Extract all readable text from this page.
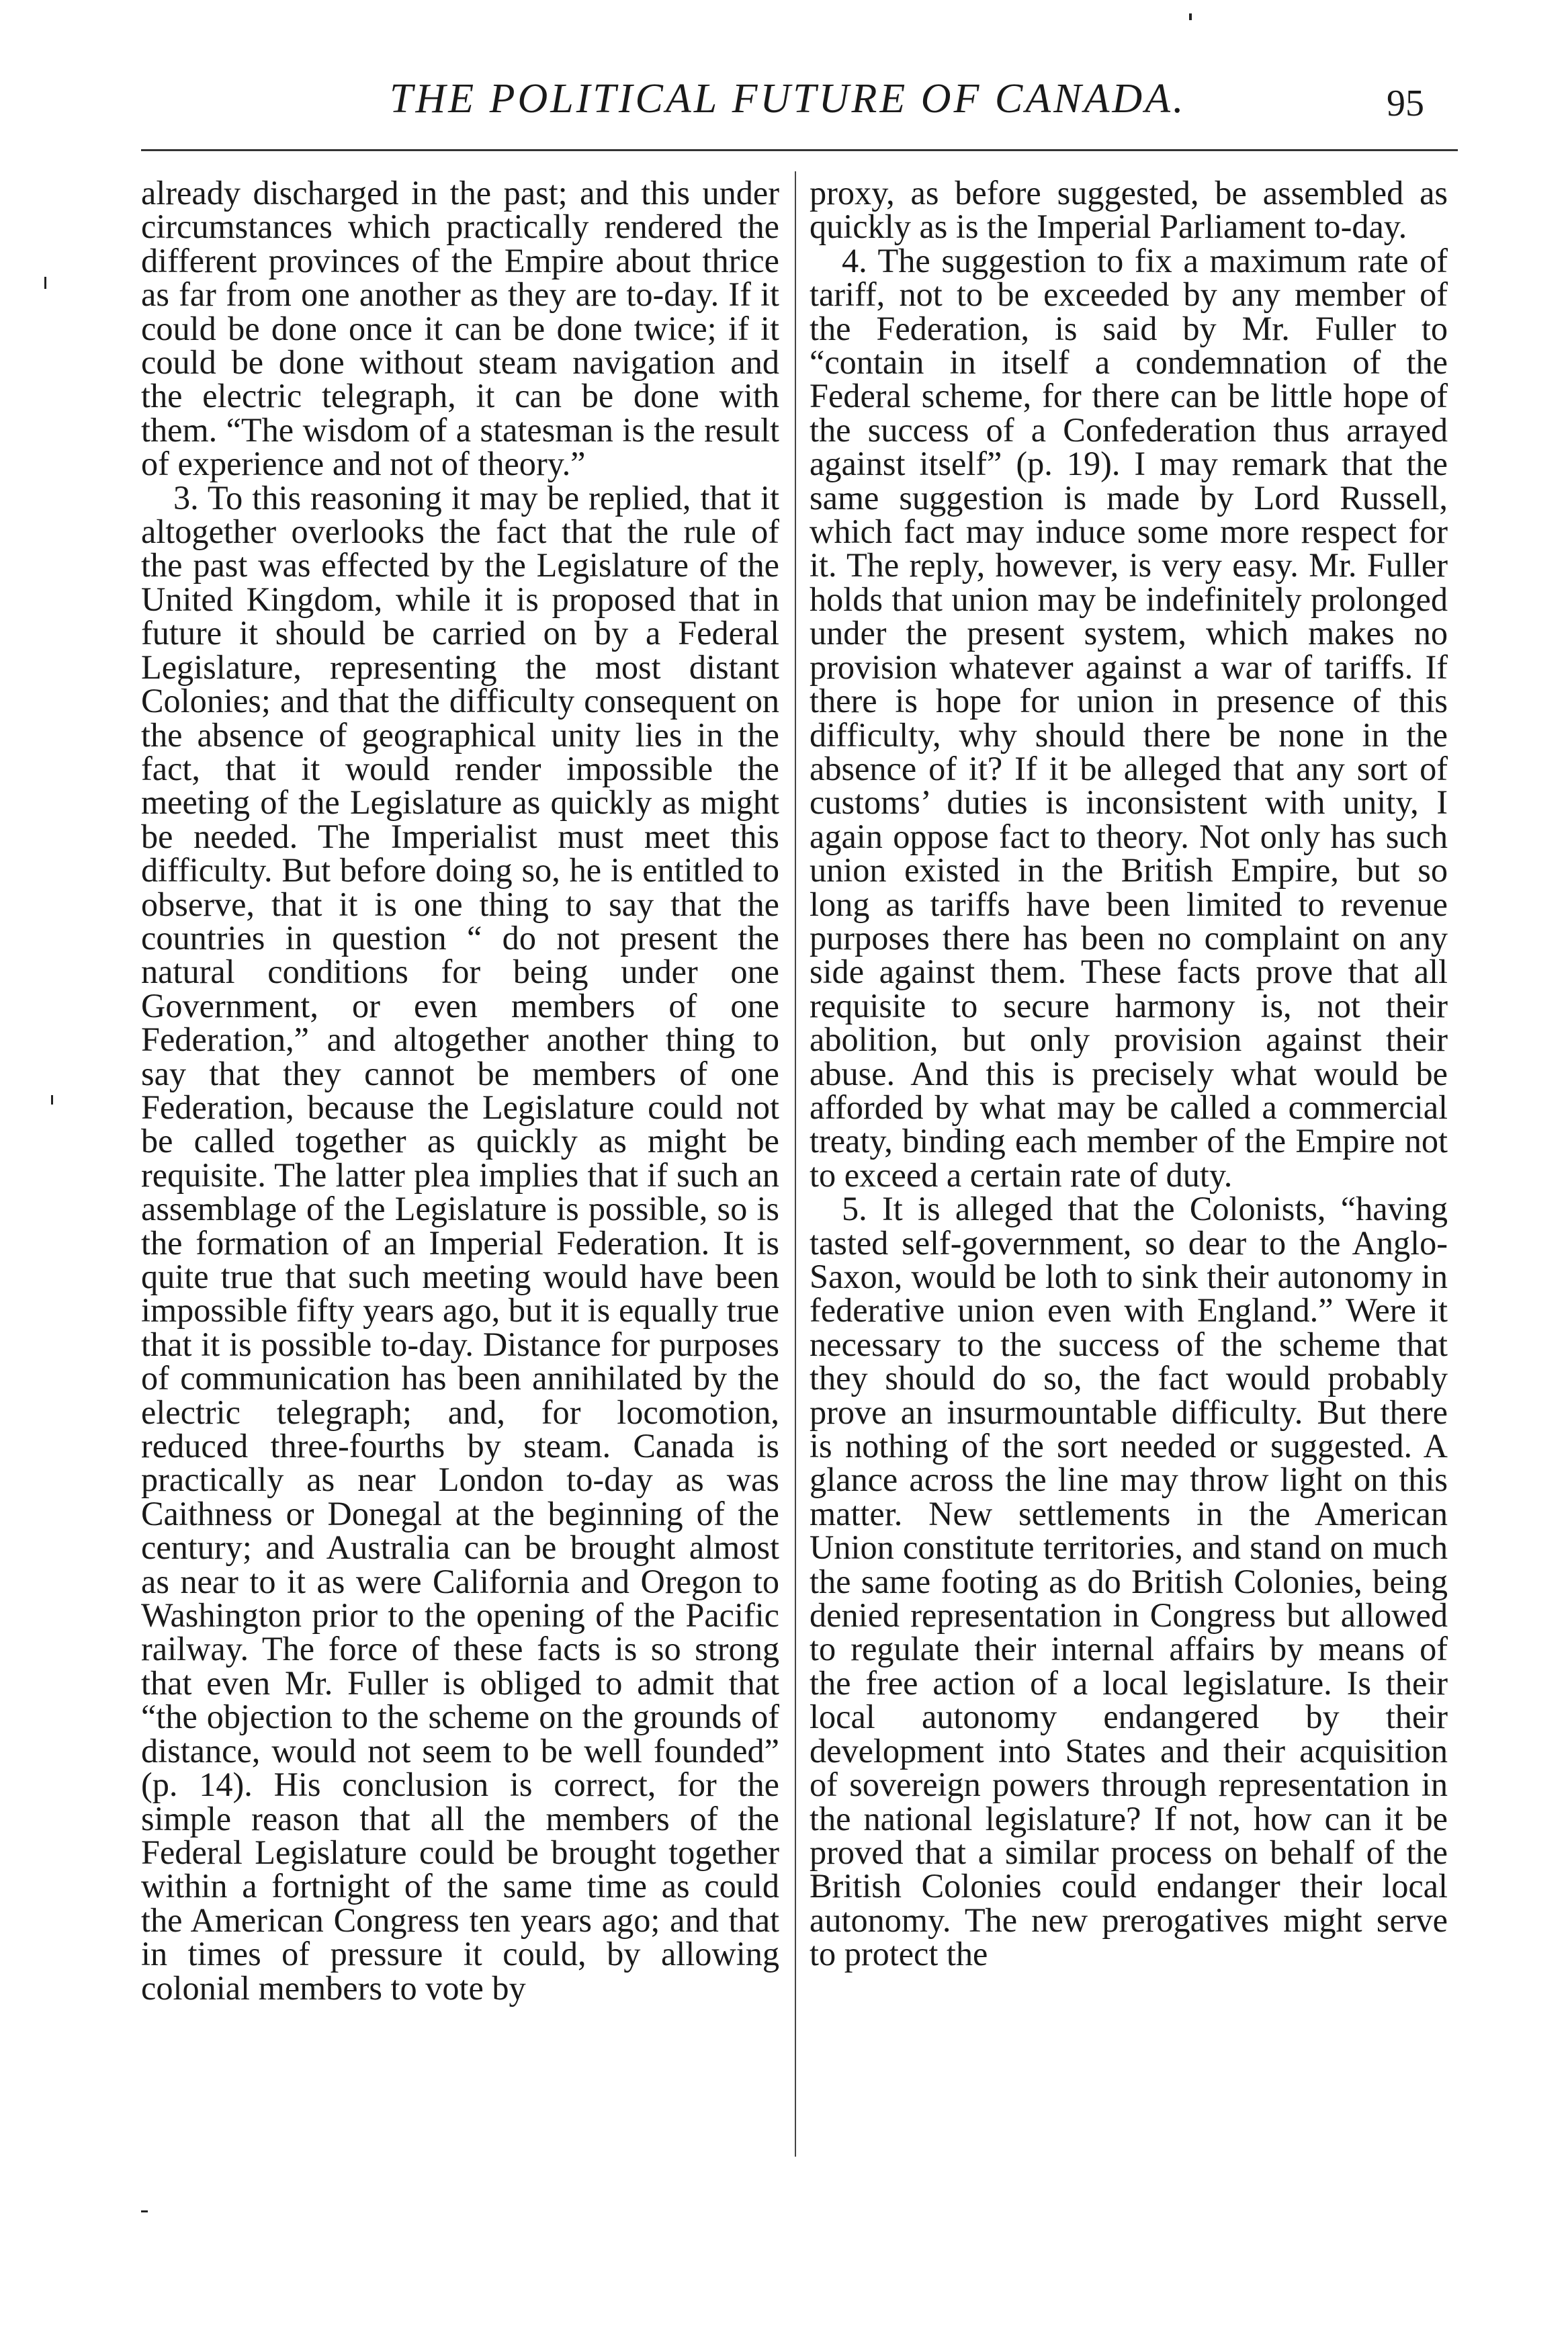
THE POLITICAL FUTURE OF CANADA.	95

already discharged in the past; and this under circumstances which practically rendered the different provinces of the Empire about thrice as far from one another as they are to-day. If it could be done once it can be done twice; if it could be done without steam navigation and the electric telegraph, it can be done with them. “The wisdom of a statesman is the result of experience and not of theory.”

3. To this reasoning it may be replied, that it altogether overlooks the fact that the rule of the past was effected by the Legislature of the United Kingdom, while it is proposed that in future it should be carried on by a Federal Legislature, representing the most distant Colonies; and that the difficulty consequent on the absence of geographical unity lies in the fact, that it would render impossible the meeting of the Legislature as quickly as might be needed. The Imperialist must meet this difficulty. But before doing so, he is entitled to observe, that it is one thing to say that the countries in question “ do not present the natural conditions for being under one Government, or even members of one Federation,” and altogether another thing to say that they cannot be members of one Federation, because the Legislature could not be called together as quickly as might be requisite. The latter plea implies that if such an assemblage of the Legislature is possible, so is the formation of an Imperial Federation. It is quite true that such meeting would have been impossible fifty years ago, but it is equally true that it is possible to-day. Distance for purposes of communication has been annihilated by the electric telegraph; and, for locomotion, reduced three-fourths by steam. Canada is practically as near London to-day as was Caithness or Donegal at the beginning of the century; and Australia can be brought almost as near to it as were California and Oregon to Washington prior to the opening of the Pacific railway. The force of these facts is so strong that even Mr. Fuller is obliged to admit that “the objection to the scheme on the grounds of distance, would not seem to be well founded” (p. 14). His conclusion is correct, for the simple reason that all the members of the Federal Legislature could be brought together within a fortnight of the same time as could the American Congress ten years ago; and that in times of pressure it could, by allowing colonial members to vote by

proxy, as before suggested, be assembled as quickly as is the Imperial Parliament to-day.

4. The suggestion to fix a maximum rate of tariff, not to be exceeded by any member of the Federation, is said by Mr. Fuller to “contain in itself a condemnation of the Federal scheme, for there can be little hope of the success of a Confederation thus arrayed against itself” (p. 19). I may remark that the same suggestion is made by Lord Russell, which fact may induce some more respect for it. The reply, however, is very easy. Mr. Fuller holds that union may be indefinitely prolonged under the present system, which makes no provision whatever against a war of tariffs. If there is hope for union in presence of this difficulty, why should there be none in the absence of it? If it be alleged that any sort of customs’ duties is inconsistent with unity, I again oppose fact to theory. Not only has such union existed in the British Empire, but so long as tariffs have been limited to revenue purposes there has been no complaint on any side against them. These facts prove that all requisite to secure harmony is, not their abolition, but only provision against their abuse. And this is precisely what would be afforded by what may be called a commercial treaty, binding each member of the Empire not to exceed a certain rate of duty.

5. It is alleged that the Colonists, “having tasted self-government, so dear to the Anglo-Saxon, would be loth to sink their autonomy in federative union even with England.” Were it necessary to the success of the scheme that they should do so, the fact would probably prove an insurmountable difficulty. But there is nothing of the sort needed or suggested. A glance across the line may throw light on this matter. New settlements in the American Union constitute territories, and stand on much the same footing as do British Colonies, being denied representation in Congress but allowed to regulate their internal affairs by means of the free action of a local legislature. Is their local autonomy endangered by their development into States and their acquisition of sovereign powers through representation in the national legislature? If not, how can it be proved that a similar process on behalf of the British Colonies could endanger their local autonomy. The new prerogatives might serve to protect the
